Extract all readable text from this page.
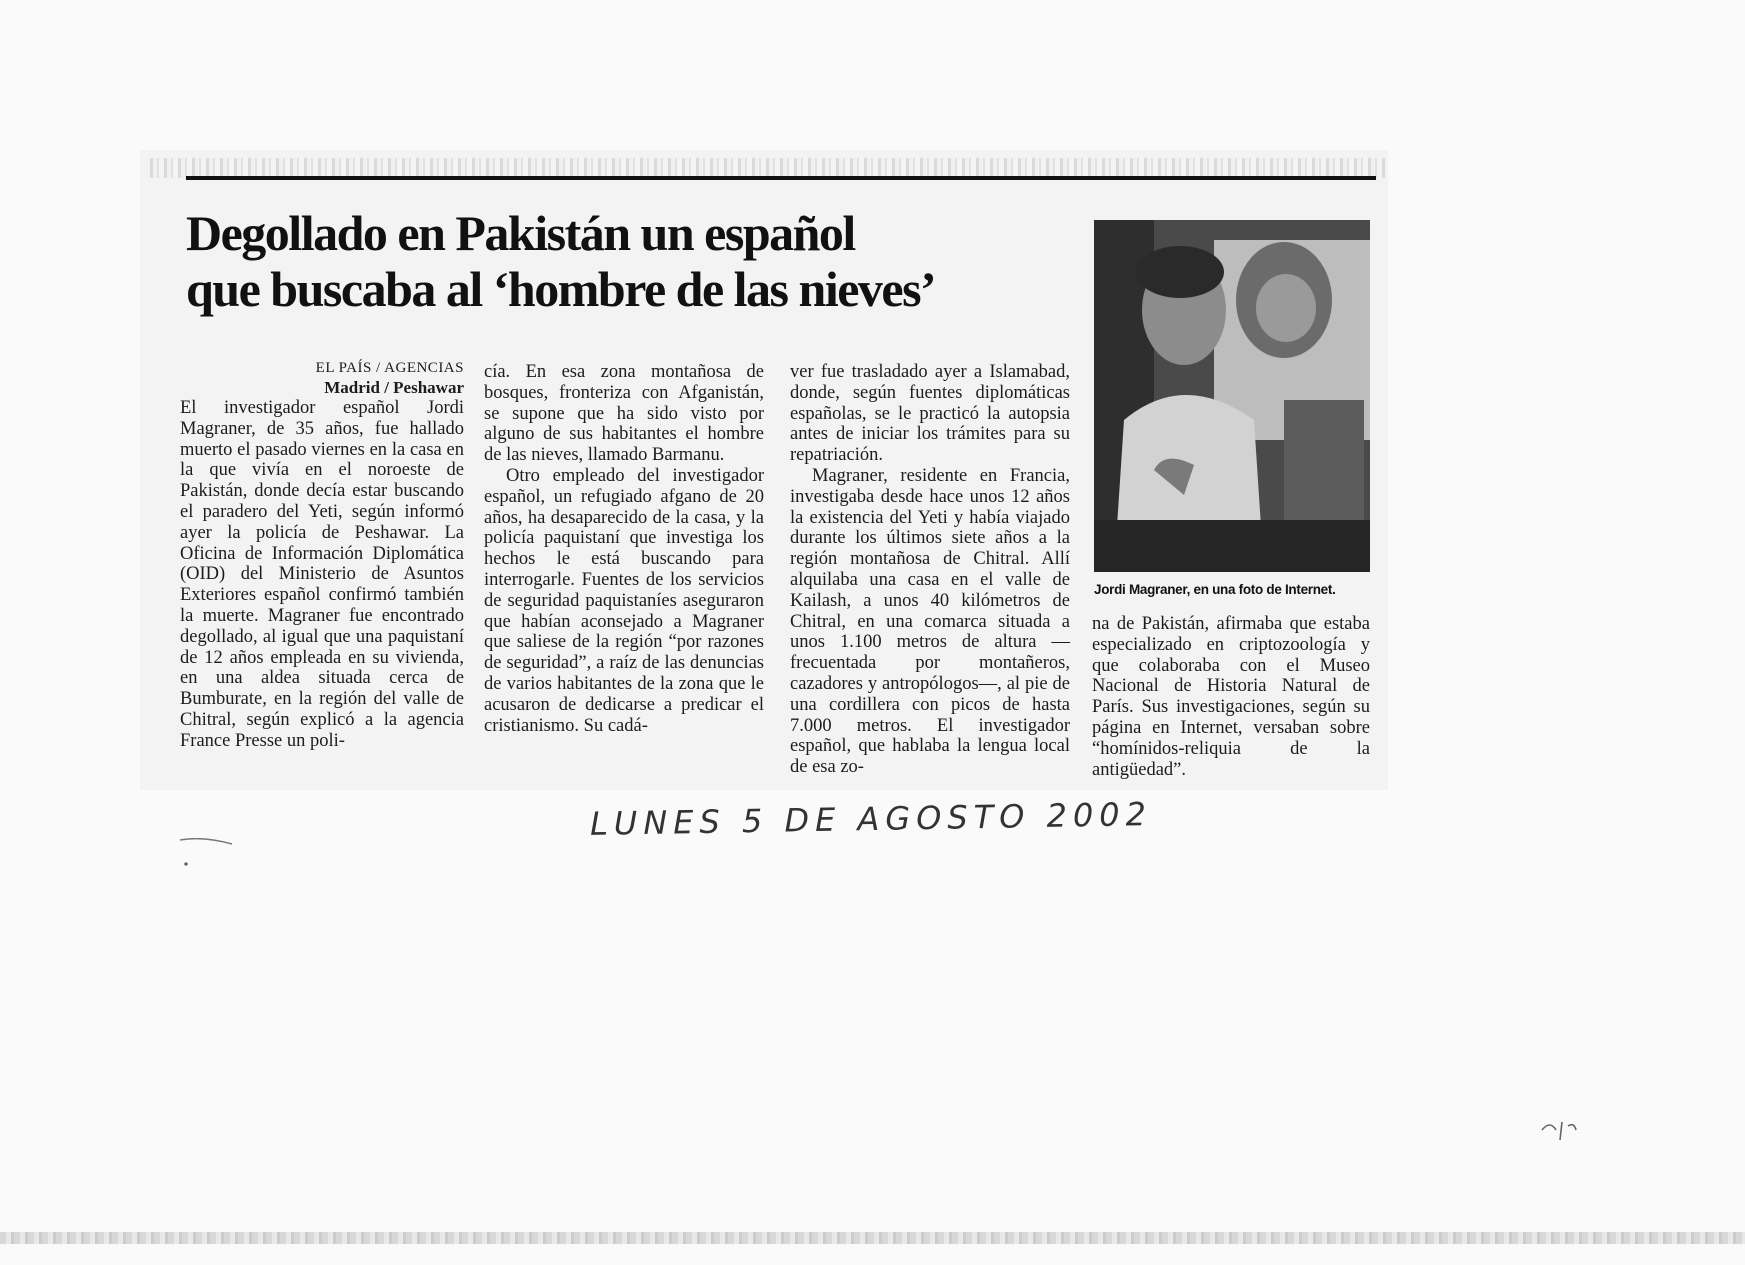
Degollado en Pakistán un español
que buscaba al ‘hombre de las nieves’
EL PAÍS / AGENCIAS
Madrid / Peshawar

El investigador español Jordi Magraner, de 35 años, fue hallado muerto el pasado viernes en la casa en la que vivía en el noroeste de Pakistán, donde decía estar buscando el paradero del Yeti, según informó ayer la policía de Peshawar. La Oficina de Información Diplomática (OID) del Ministerio de Asuntos Exteriores español confirmó también la muerte. Magraner fue encontrado degollado, al igual que una paquistaní de 12 años empleada en su vivienda, en una aldea situada cerca de Bumburate, en la región del valle de Chitral, según explicó a la agencia France Presse un poli-

cía. En esa zona montañosa de bosques, fronteriza con Afganistán, se supone que ha sido visto por alguno de sus habitantes el hombre de las nieves, llamado Barmanu.

Otro empleado del investigador español, un refugiado afgano de 20 años, ha desaparecido de la casa, y la policía paquistaní que investiga los hechos le está buscando para interrogarle. Fuentes de los servicios de seguridad paquistaníes aseguraron que habían aconsejado a Magraner que saliese de la región “por razones de seguridad”, a raíz de las denuncias de varios habitantes de la zona que le acusaron de dedicarse a predicar el cristianismo. Su cadá-

ver fue trasladado ayer a Islamabad, donde, según fuentes diplomáticas españolas, se le practicó la autopsia antes de iniciar los trámites para su repatriación.

Magraner, residente en Francia, investigaba desde hace unos 12 años la existencia del Yeti y había viajado durante los últimos siete años a la región montañosa de Chitral. Allí alquilaba una casa en el valle de Kailash, a unos 40 kilómetros de Chitral, en una comarca situada a unos 1.100 metros de altura —frecuentada por montañeros, cazadores y antropólogos—, al pie de una cordillera con picos de hasta 7.000 metros. El investigador español, que hablaba la lengua local de esa zo-

Jordi Magraner, en una foto de Internet.

na de Pakistán, afirmaba que estaba especializado en criptozoología y que colaboraba con el Museo Nacional de Historia Natural de París. Sus investigaciones, según su página en Internet, versaban sobre “homínidos-reliquia de la antigüedad”.

LUNES 5 DE AGOSTO 2002
